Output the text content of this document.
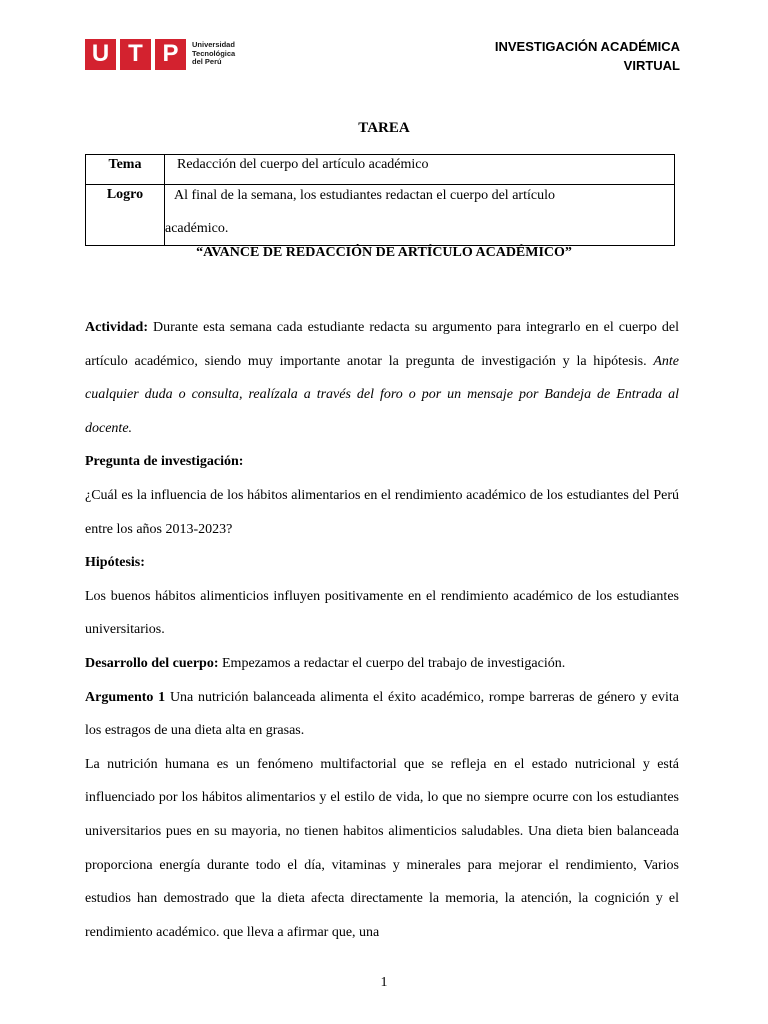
U T P	Universidad
Tecnológica
del Perú
INVESTIGACIÓN ACADÉMICA
VIRTUAL
TAREA
Tema	Redacción del cuerpo del artículo académico
Logro	Al final de la semana, los estudiantes redactan el cuerpo del artículo académico.
“AVANCE DE REDACCIÓN DE ARTÍCULO ACADÉMICO”

Actividad: Durante esta semana cada estudiante redacta su argumento para integrarlo en el cuerpo del artículo académico, siendo muy importante anotar la pregunta de investigación y la hipótesis. Ante cualquier duda o consulta, realízala a través del foro o por un mensaje por Bandeja de Entrada al docente.

Pregunta de investigación:

¿Cuál es la influencia de los hábitos alimentarios en el rendimiento académico de los estudiantes del Perú entre los años 2013-2023?

Hipótesis:

Los buenos hábitos alimenticios influyen positivamente en el rendimiento académico de los estudiantes universitarios.

Desarrollo del cuerpo: Empezamos a redactar el cuerpo del trabajo de investigación.

Argumento 1 Una nutrición balanceada alimenta el éxito académico, rompe barreras de género y evita los estragos de una dieta alta en grasas.

La nutrición humana es un fenómeno multifactorial que se refleja en el estado nutricional y está influenciado por los hábitos alimentarios y el estilo de vida, lo que no siempre ocurre con los estudiantes universitarios pues en su mayoria, no tienen habitos alimenticios saludables. Una dieta bien balanceada proporciona energía durante todo el día, vitaminas y minerales para mejorar el rendimiento, Varios estudios han demostrado que la dieta afecta directamente la memoria, la atención, la cognición y el rendimiento académico. que lleva a afirmar que, una

1
